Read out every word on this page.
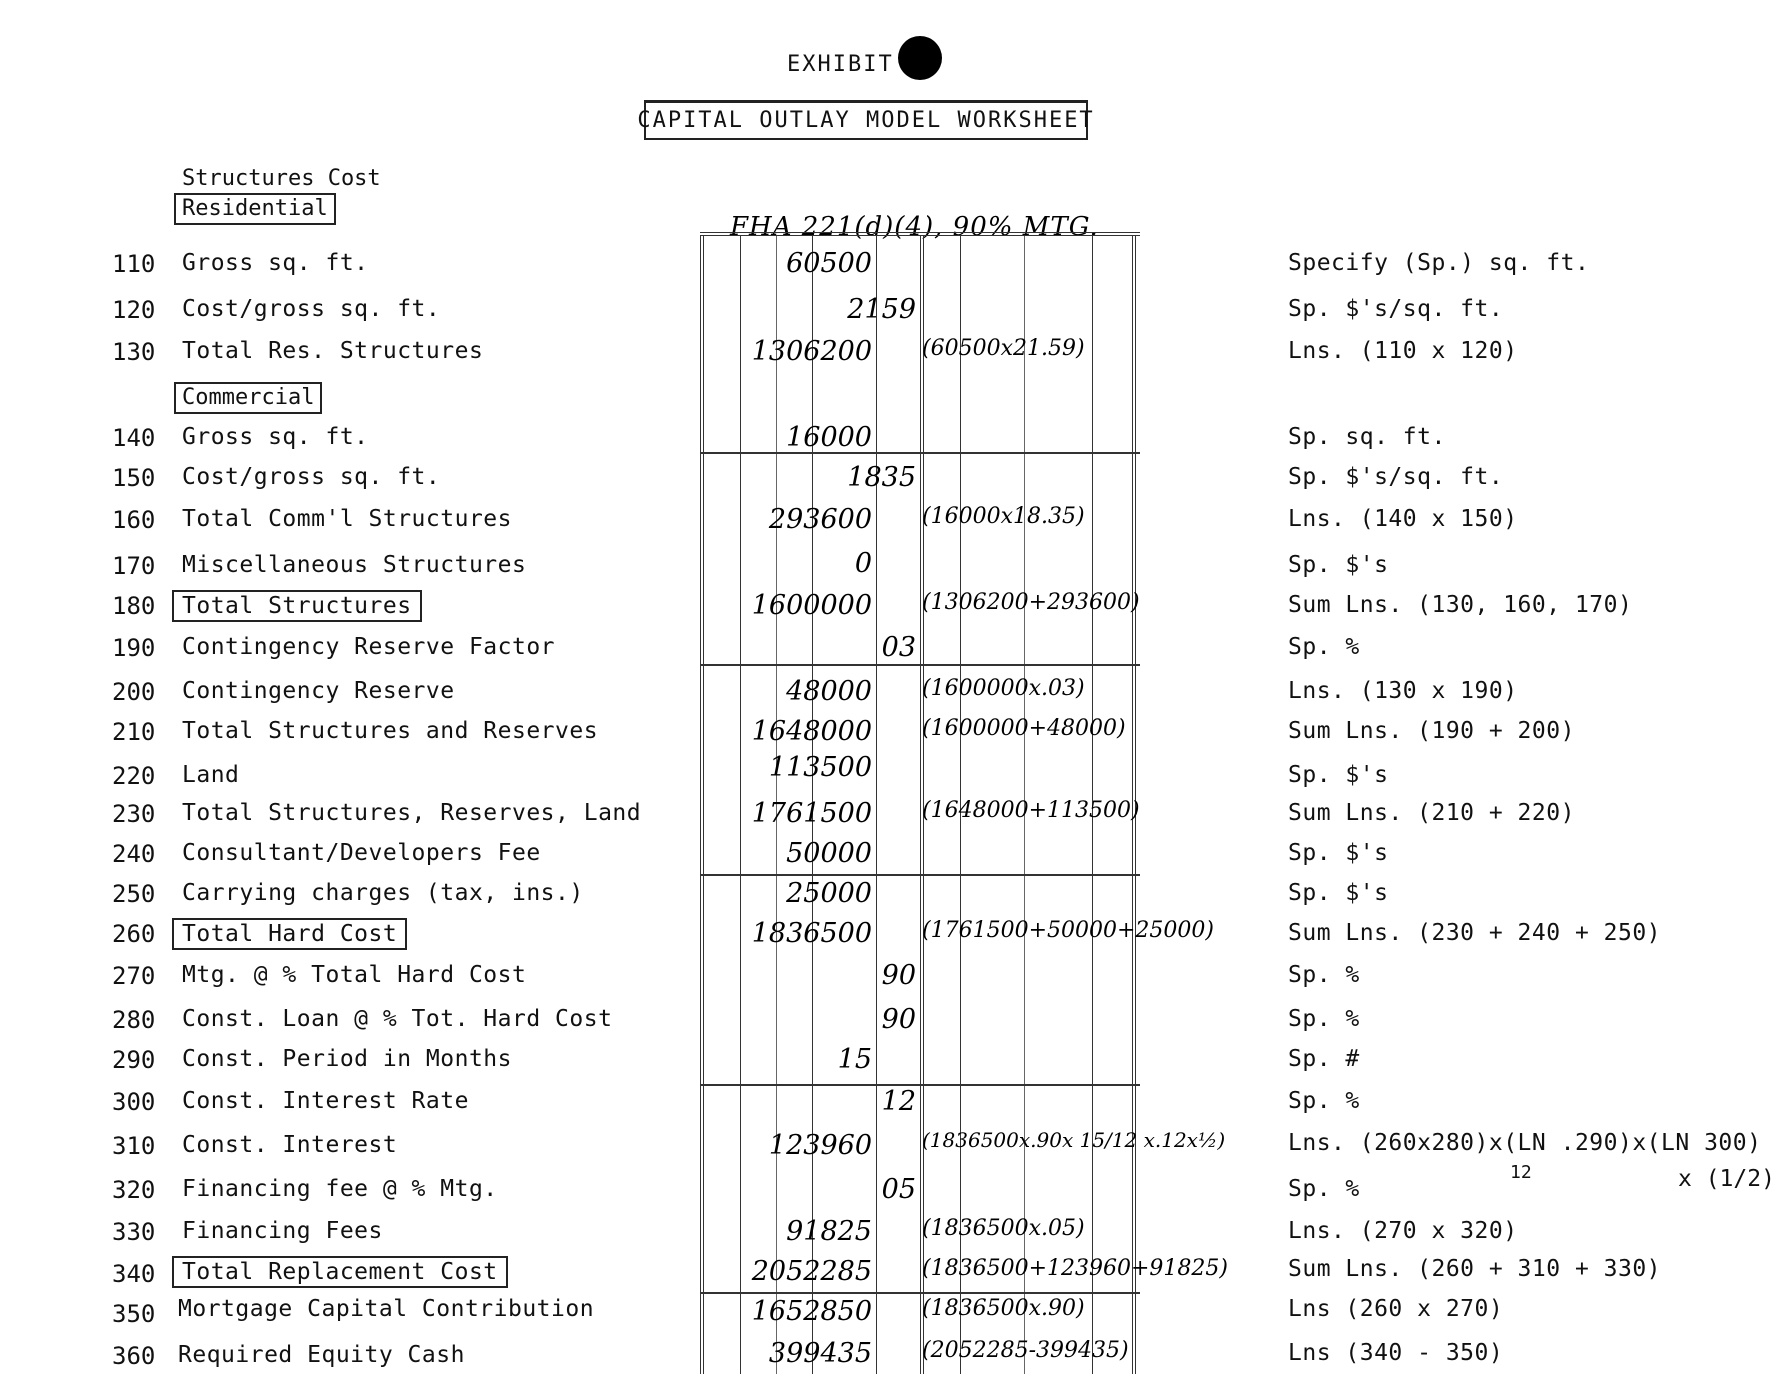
EXHIBIT
CAPITAL OUTLAY MODEL WORKSHEET
Structures Cost
Residential
Commercial
FHA 221(d)(4), 90% MTG.
110 Gross sq. ft.	60500	Specify (Sp.) sq. ft.
120 Cost/gross sq. ft.	2159	Sp. $'s/sq. ft.
130 Total Res. Structures	1306200 (60500x21.59)	Lns. (110 x 120)
140 Gross sq. ft.	16000	Sp. sq. ft.
150 Cost/gross sq. ft.	1835	Sp. $'s/sq. ft.
160 Total Comm'l Structures	293600 (16000x18.35)	Lns. (140 x 150)
170 Miscellaneous Structures	0	Sp. $'s
180	Total Structures	1600000 (1306200+293600)	Sum Lns. (130, 160, 170)
190 Contingency Reserve Factor	03	Sp. %
200 Contingency Reserve	48000 (1600000x.03)	Lns. (130 x 190)
210 Total Structures and Reserves	1648000 (1600000+48000)	Sum Lns. (190 + 200)
220 Land	113500	Sp. $'s
230 Total Structures, Reserves, Land	1761500 (1648000+113500)	Sum Lns. (210 + 220)
240 Consultant/Developers Fee	50000	Sp. $'s
250 Carrying charges (tax, ins.)	25000	Sp. $'s
260	Total Hard Cost	1836500 (1761500+50000+25000)	Sum Lns. (230 + 240 + 250)
270 Mtg. @ % Total Hard Cost	90	Sp. %
280 Const. Loan @ % Tot. Hard Cost	90	Sp. %
290 Const. Period in Months	15	Sp. #
300 Const. Interest Rate	12	Sp. %
310 Const. Interest	123960	(1836500x.90x 15/12 x.12x½)	Lns. (260x280)x(LN .290)x(LN 300)
12	x (1/2)
320 Financing fee @ % Mtg.	05	Sp. %
330 Financing Fees	91825 (1836500x.05)	Lns. (270 x 320)
340	Total Replacement Cost	2052285 (1836500+123960+91825)	Sum Lns. (260 + 310 + 330)
350 Mortgage Capital Contribution	1652850 (1836500x.90)	Lns (260 x 270)
360 Required Equity Cash	399435 (2052285-399435)	Lns (340 - 350)
